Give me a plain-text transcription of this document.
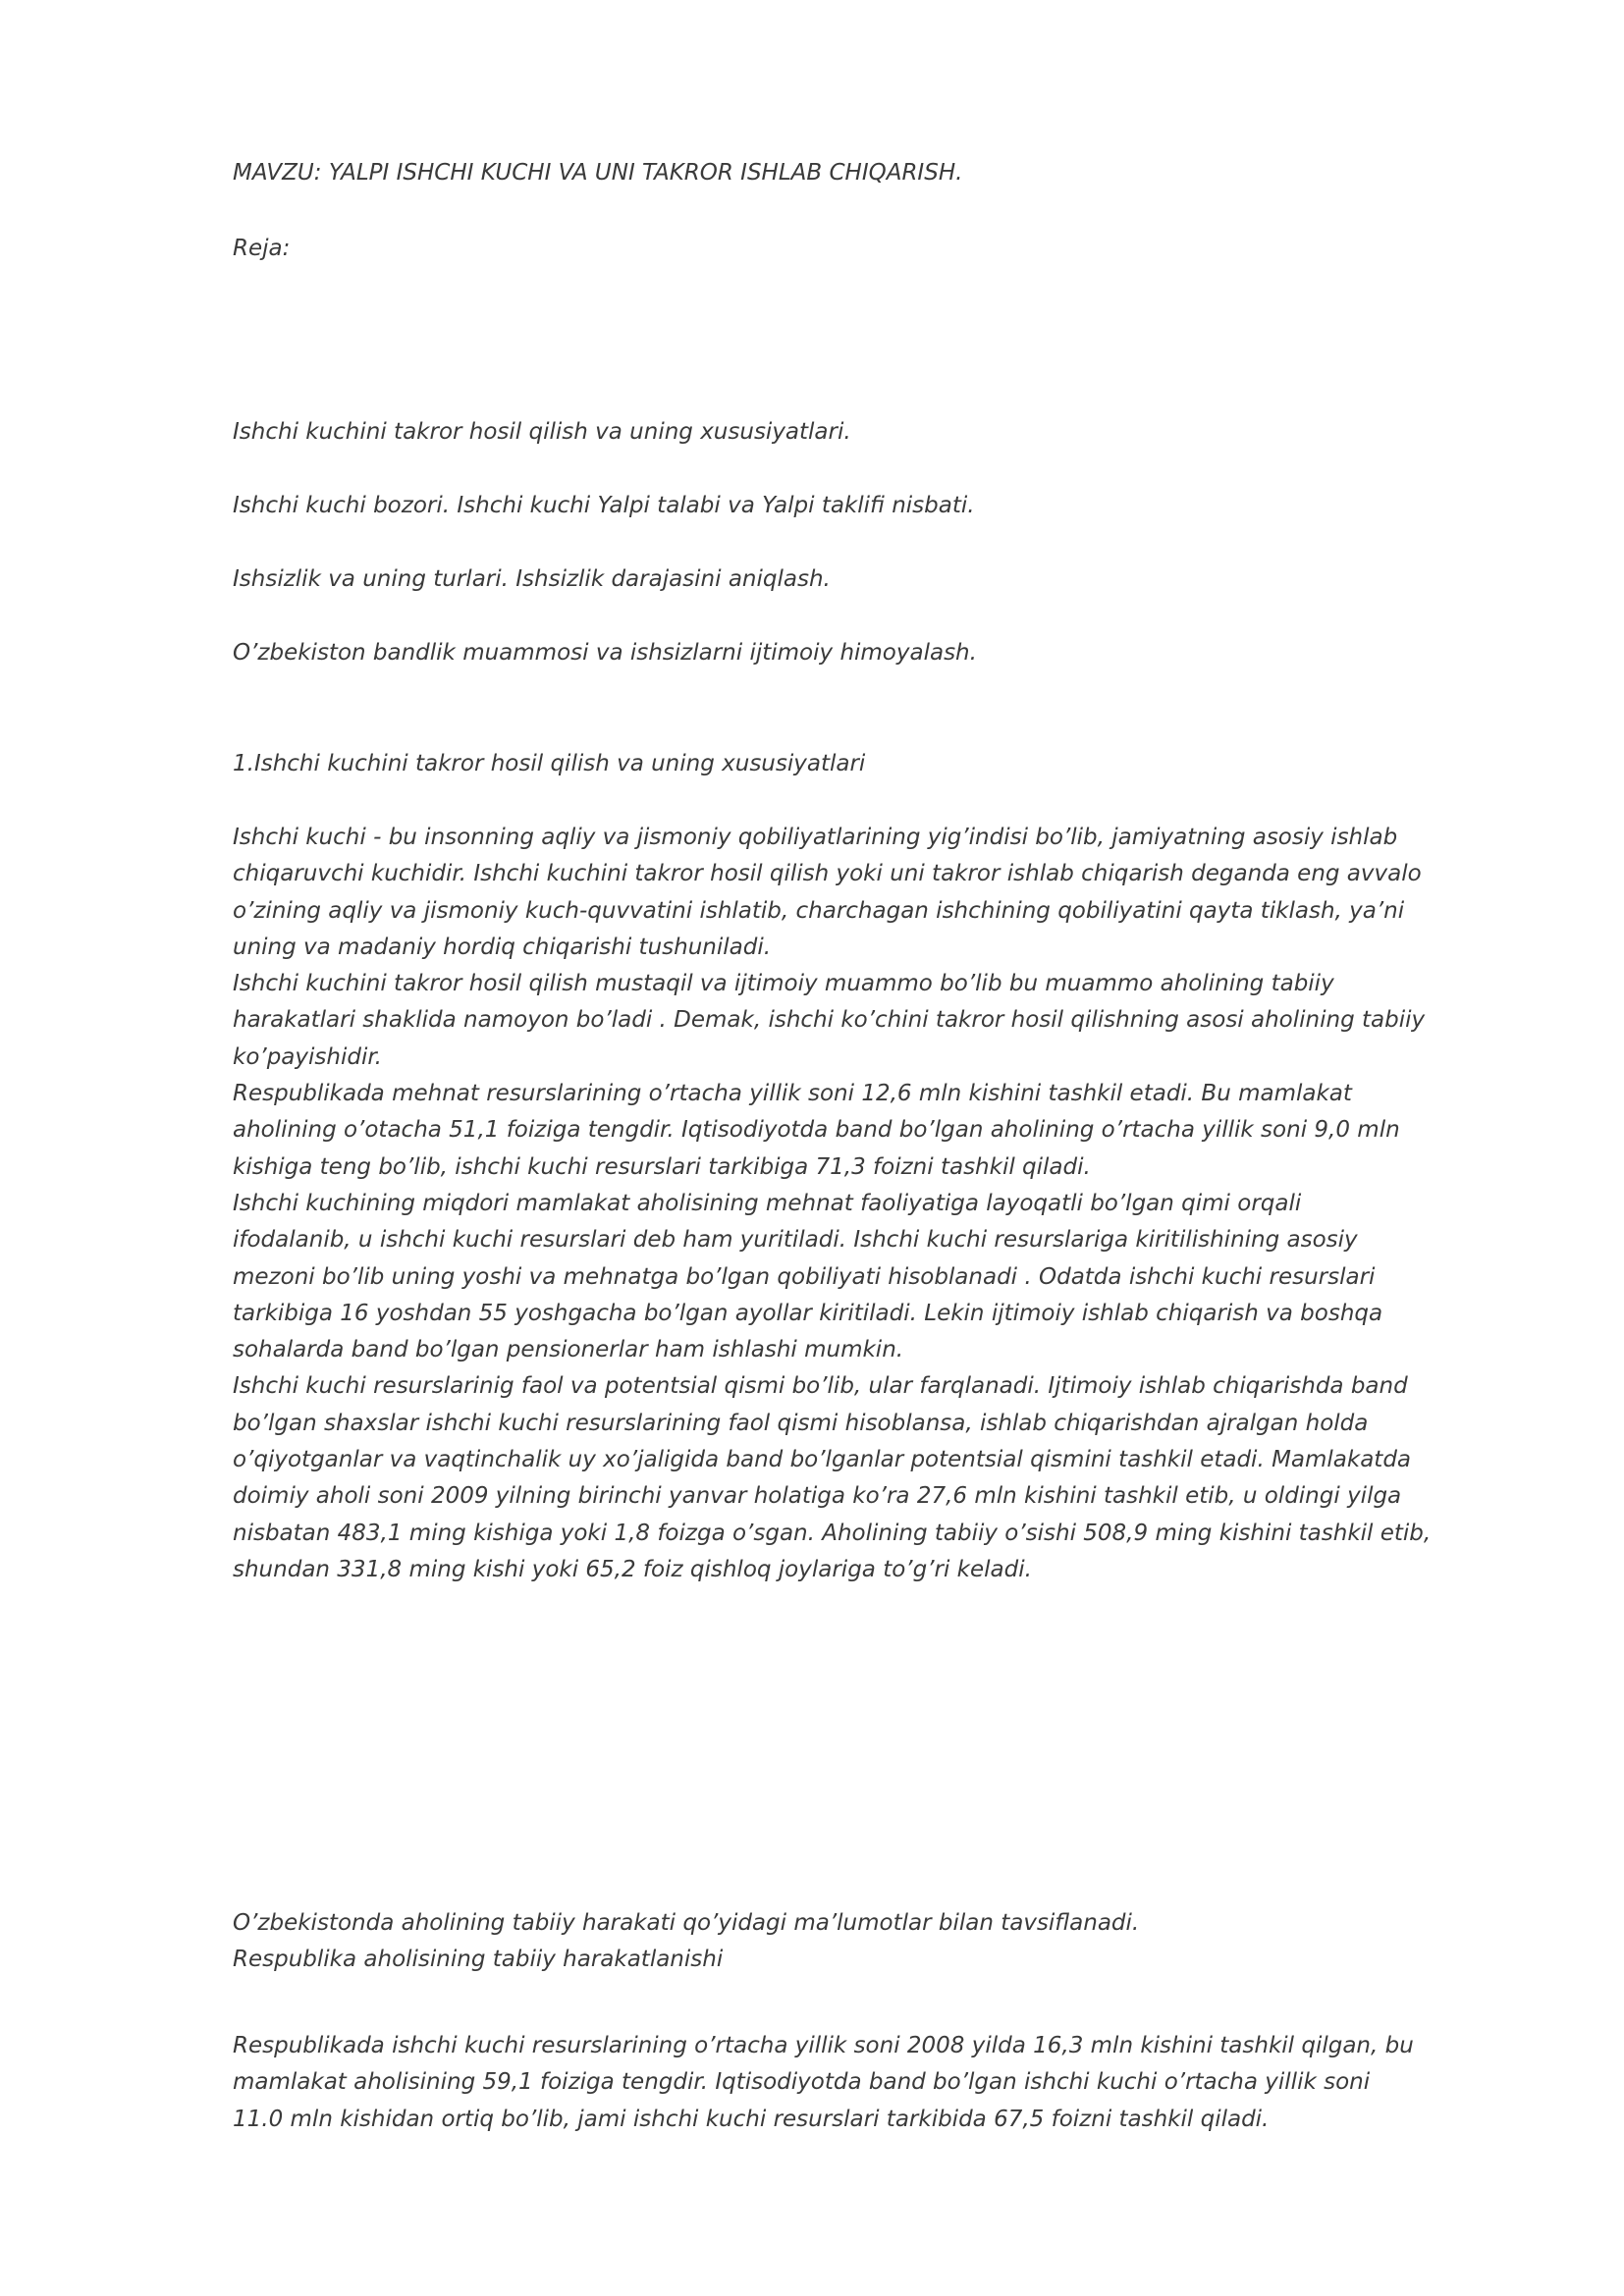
MAVZU: YALPI ISHCHI KUCHI VA UNI TAKROR ISHLAB CHIQARISH.

Reja:

Ishchi kuchini takror hosil qilish va uning xususiyatlari.

Ishchi kuchi bozori. Ishchi kuchi Yalpi talabi va Yalpi taklifi nisbati.

Ishsizlik va uning turlari. Ishsizlik darajasini aniqlash.

O’zbekiston bandlik muammosi va ishsizlarni ijtimoiy himoyalash.

1.Ishchi kuchini takror hosil qilish va uning xususiyatlari

Ishchi kuchi - bu insonning aqliy va jismoniy qobiliyatlarining yig’indisi bo’lib, jamiyatning asosiy ishlab
chiqaruvchi kuchidir. Ishchi kuchini takror hosil qilish yoki uni takror ishlab chiqarish deganda eng avvalo
o’zining aqliy va jismoniy kuch-quvvatini ishlatib, charchagan ishchining qobiliyatini qayta tiklash, ya’ni
uning va madaniy hordiq chiqarishi tushuniladi.
Ishchi kuchini takror hosil qilish mustaqil va ijtimoiy muammo bo’lib bu muammo aholining tabiiy
harakatlari shaklida namoyon bo’ladi . Demak, ishchi ko’chini takror hosil qilishning asosi aholining tabiiy
ko’payishidir.
Respublikada mehnat resurslarining o’rtacha yillik soni 12,6 mln kishini tashkil etadi. Bu mamlakat
aholining o’otacha 51,1 foiziga tengdir. Iqtisodiyotda band bo’lgan aholining o’rtacha yillik soni 9,0 mln
kishiga teng bo’lib, ishchi kuchi resurslari tarkibiga 71,3 foizni tashkil qiladi.
Ishchi kuchining miqdori mamlakat aholisining mehnat faoliyatiga layoqatli bo’lgan qimi orqali
ifodalanib, u ishchi kuchi resurslari deb ham yuritiladi. Ishchi kuchi resurslariga kiritilishining asosiy
mezoni bo’lib uning yoshi va mehnatga bo’lgan qobiliyati hisoblanadi . Odatda ishchi kuchi resurslari
tarkibiga 16 yoshdan 55 yoshgacha bo’lgan ayollar kiritiladi. Lekin ijtimoiy ishlab chiqarish va boshqa
sohalarda band bo’lgan pensionerlar ham ishlashi mumkin.
Ishchi kuchi resurslarinig faol va potentsial qismi bo’lib, ular farqlanadi. Ijtimoiy ishlab chiqarishda band
bo’lgan shaxslar ishchi kuchi resurslarining faol qismi hisoblansa, ishlab chiqarishdan ajralgan holda
o’qiyotganlar va vaqtinchalik uy xo’jaligida band bo’lganlar potentsial qismini tashkil etadi. Mamlakatda
doimiy aholi soni 2009 yilning birinchi yanvar holatiga ko’ra 27,6 mln kishini tashkil etib, u oldingi yilga
nisbatan 483,1 ming kishiga yoki 1,8 foizga o’sgan. Aholining tabiiy o’sishi 508,9 ming kishini tashkil etib,
shundan 331,8 ming kishi yoki 65,2 foiz qishloq joylariga to’g’ri keladi.
O’zbekistonda aholining tabiiy harakati qo’yidagi ma’lumotlar bilan tavsiflanadi.
Respublika aholisining tabiiy harakatlanishi
Respublikada ishchi kuchi resurslarining o’rtacha yillik soni 2008 yilda 16,3 mln kishini tashkil qilgan, bu
mamlakat aholisining 59,1 foiziga tengdir. Iqtisodiyotda band bo’lgan ishchi kuchi o’rtacha yillik soni
11.0 mln kishidan ortiq bo’lib, jami ishchi kuchi resurslari tarkibida 67,5 foizni tashkil qiladi.
